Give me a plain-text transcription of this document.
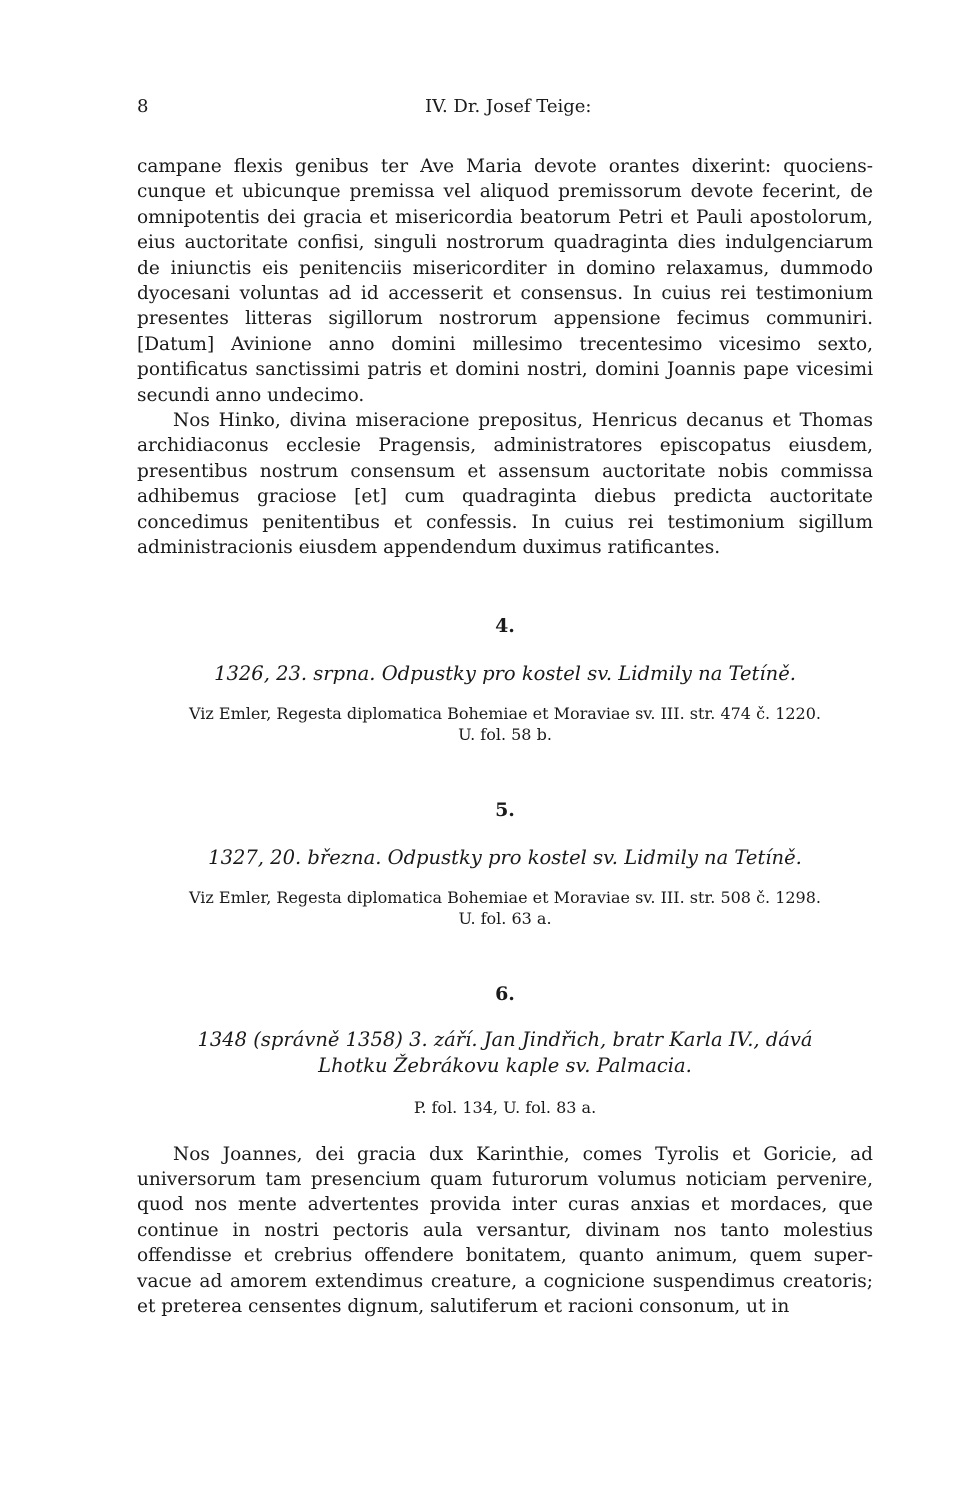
8	IV. Dr. Josef Teige:

campane flexis genibus ter Ave Maria devote orantes dixerint: quocienscunque et ubicunque premissa vel aliquod premissorum devote fecerint, de omnipotentis dei gracia et misericordia beatorum Petri et Pauli apostolorum, eius auctoritate confisi, singuli nostrorum quadraginta dies indulgenciarum de iniunctis eis penitenciis misericorditer in domino relaxamus, dummodo dyocesani voluntas ad id accesserit et consensus. In cuius rei testimonium presentes litteras sigillorum nostrorum appensione fecimus communiri. [Datum] Avinione anno domini millesimo trecentesimo vicesimo sexto, pontificatus sanctissimi patris et domini nostri, domini Joannis pape vicesimi secundi anno undecimo.

Nos Hinko, divina miseracione prepositus, Henricus decanus et Thomas archidiaconus ecclesie Pragensis, administratores episcopatus eiusdem, presentibus nostrum consensum et assensum auctoritate nobis commissa adhibemus graciose [et] cum quadraginta diebus predicta auctoritate concedimus penitentibus et confessis. In cuius rei testimonium sigillum administracionis eiusdem appendendum duximus ratificantes.

4.
1326, 23. srpna. Odpustky pro kostel sv. Lidmily na Tetíně.
Viz Emler, Regesta diplomatica Bohemiae et Moraviae sv. III. str. 474 č. 1220.
U. fol. 58 b.
5.
1327, 20. března. Odpustky pro kostel sv. Lidmily na Tetíně.
Viz Emler, Regesta diplomatica Bohemiae et Moraviae sv. III. str. 508 č. 1298.
U. fol. 63 a.
6.
1348 (správně 1358) 3. září. Jan Jindřich, bratr Karla IV., dává
Lhotku Žebrákovu kaple sv. Palmacia.
P. fol. 134, U. fol. 83 a.

Nos Joannes, dei gracia dux Karinthie, comes Tyrolis et Goricie, ad universorum tam presencium quam futurorum volumus noticiam pervenire, quod nos mente advertentes provida inter curas anxias et mordaces, que continue in nostri pectoris aula versantur, divinam nos tanto molestius offendisse et crebrius offendere bonitatem, quanto animum, quem supervacue ad amorem extendimus creature, a cognicione suspendimus creatoris; et preterea censentes dignum, salutiferum et racioni consonum, ut in
